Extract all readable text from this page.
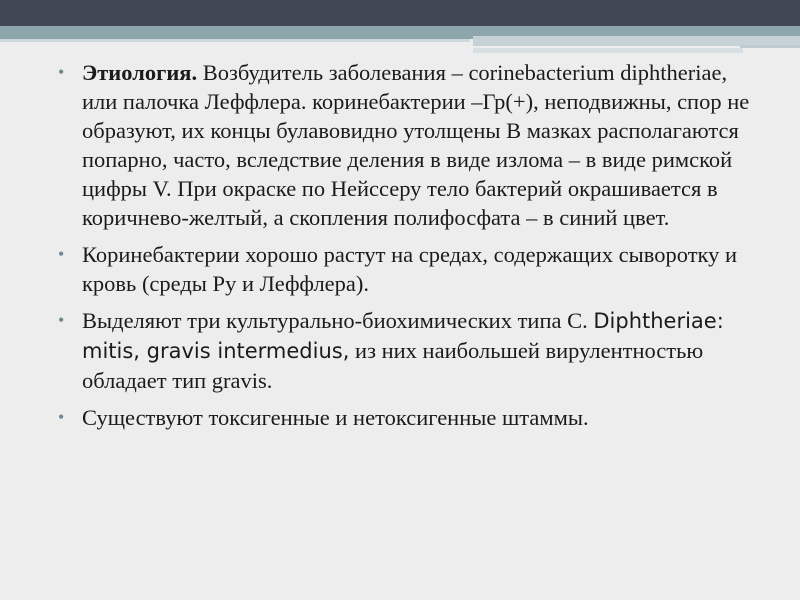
• Этиология. Возбудитель заболевания – corinebacterium diphtheriae, или палочка Леффлера. коринебактерии –Гр(+), неподвижны, спор не образуют, их концы булавовидно утолщены В мазках располагаются попарно, часто, вследствие деления в виде излома – в виде римской цифры V. При окраске по Нейссеру тело бактерий окрашивается в коричнево-желтый, а скопления полифосфата – в синий цвет.
• Коринебактерии хорошо растут на средах, содержащих сыворотку и кровь (среды Ру и Леффлера).
• Выделяют три культурально-биохимических типа С. Diphtheriae: mitis, gravis intermedius, из них наибольшей вирулентностью обладает тип gravis.
• Существуют токсигенные и нетоксигенные штаммы.
